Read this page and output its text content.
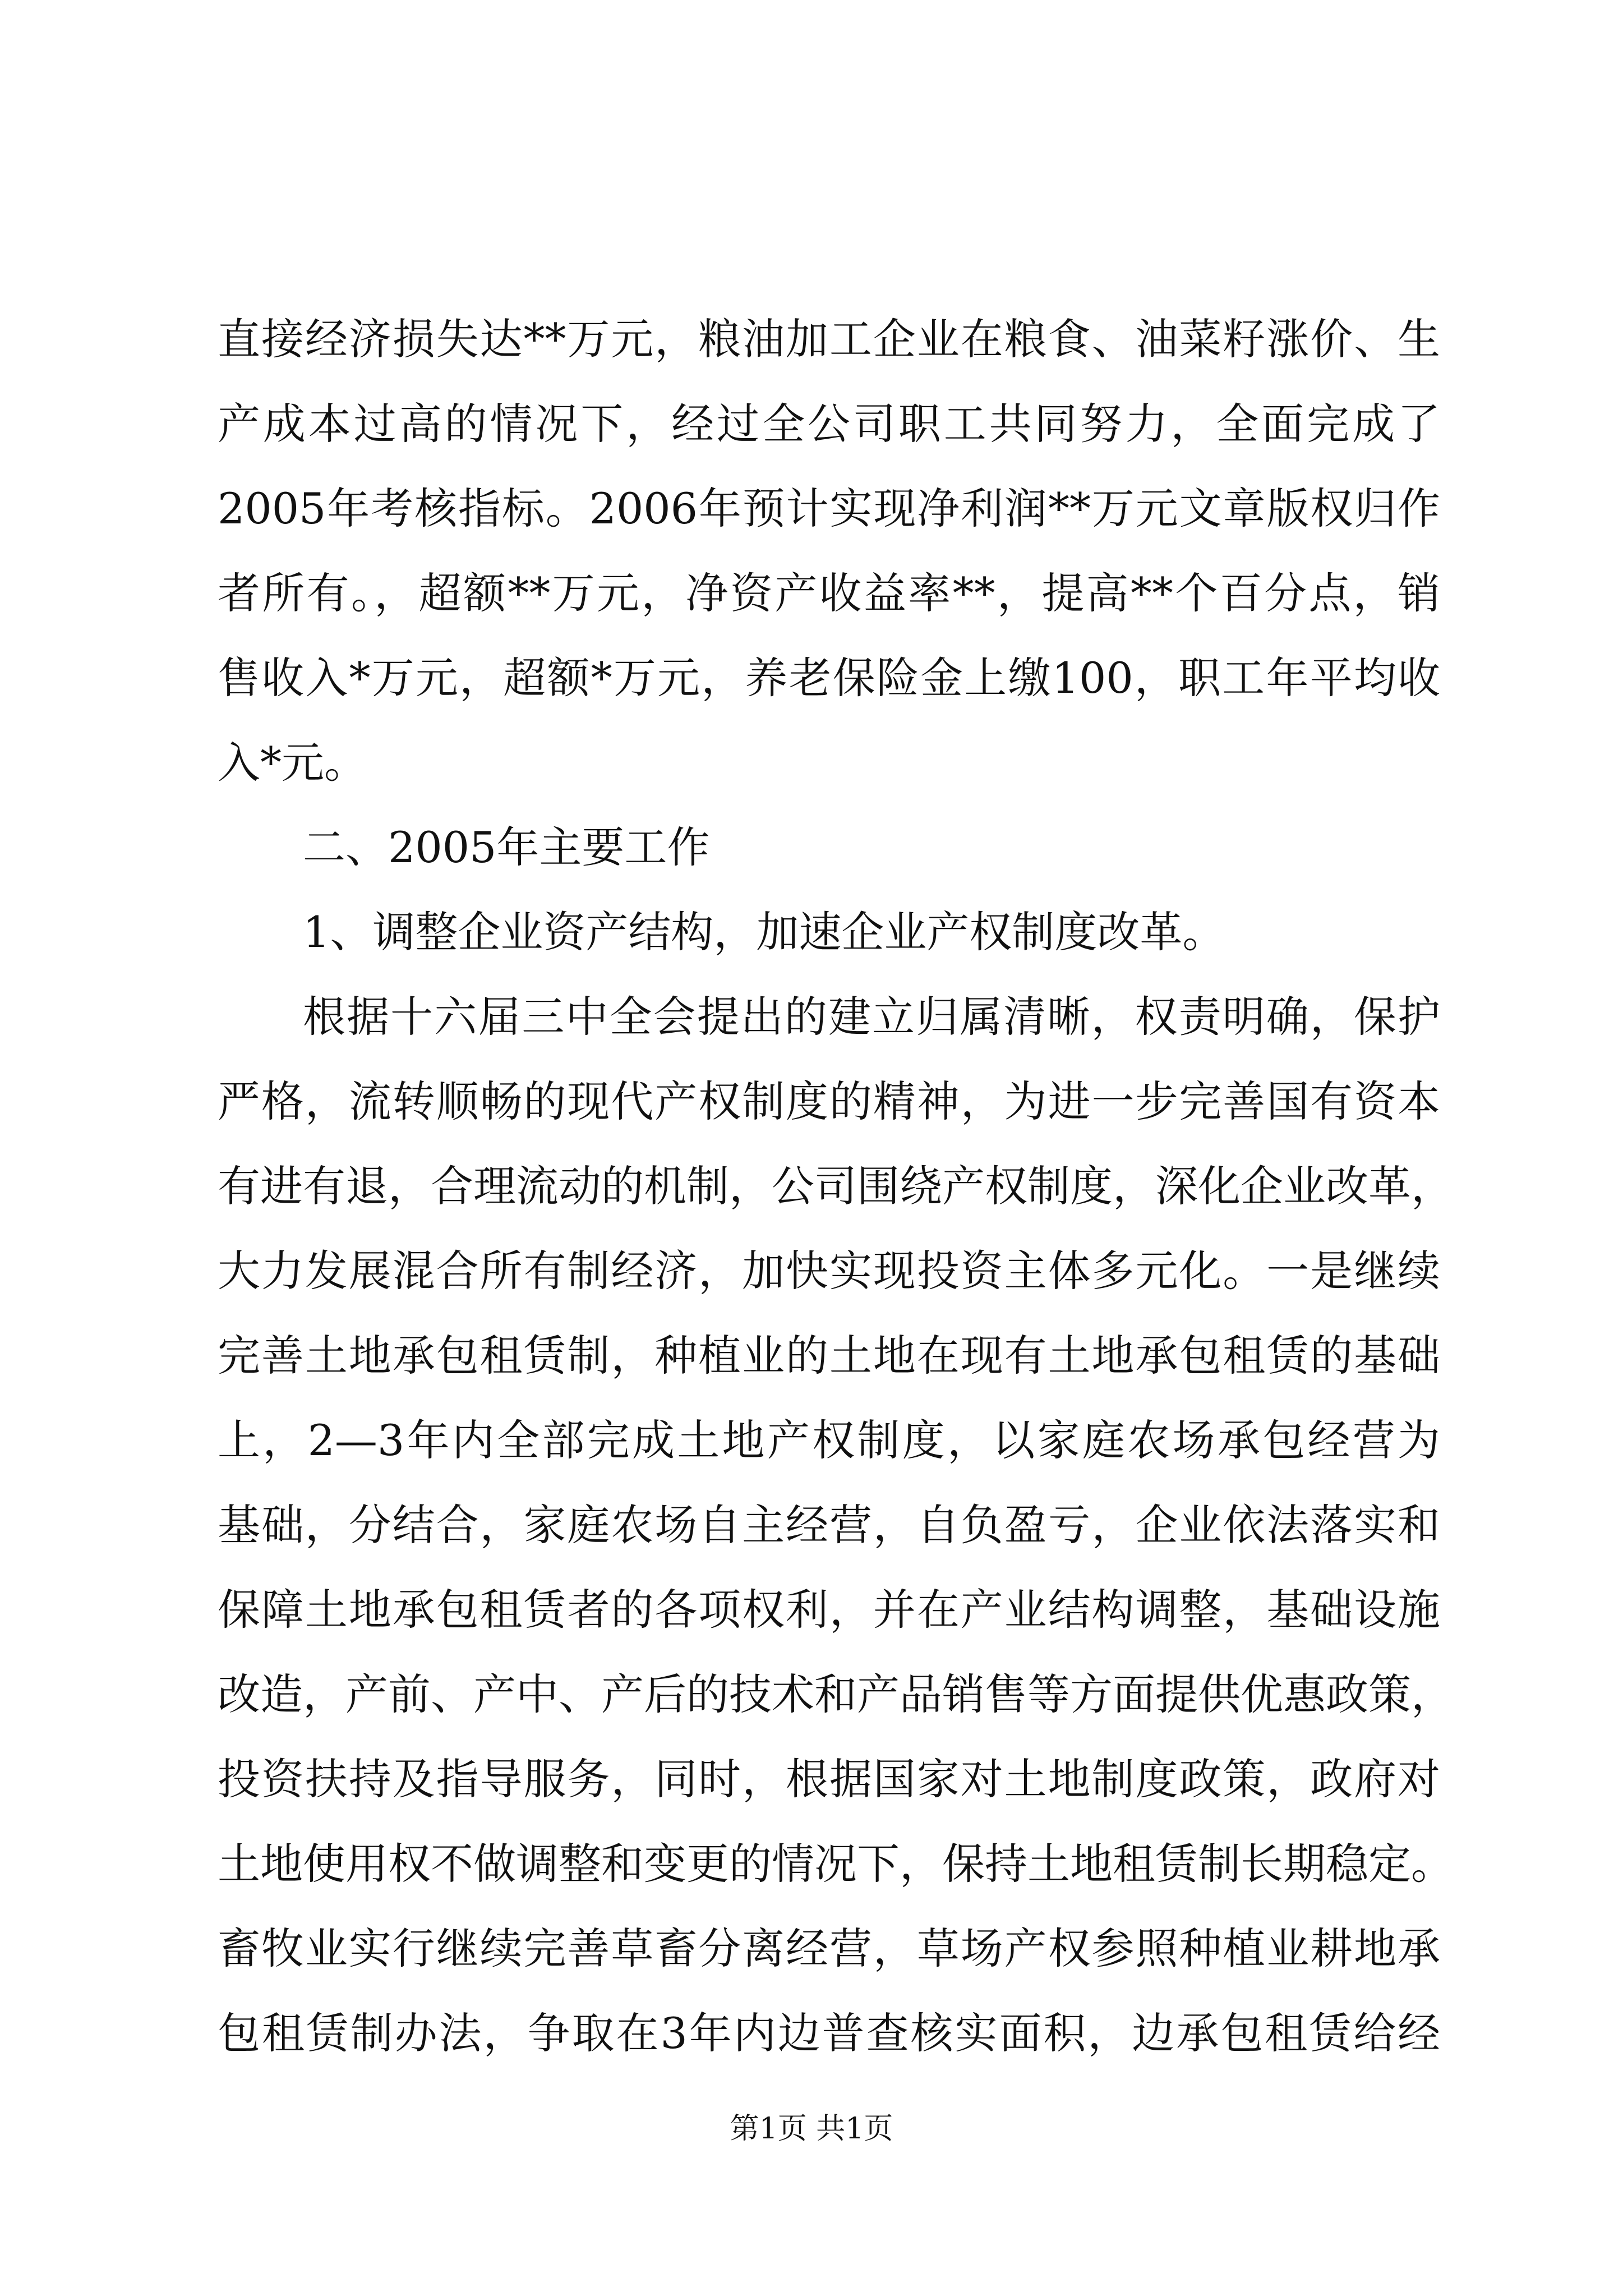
直接经济损失达**万元，粮油加工企业在粮食、油菜籽涨价、生
产成本过高的情况下，经过全公司职工共同努力，全面完成了
2005年考核指标。2006年预计实现净利润**万元文章版权归作
者所有。，超额**万元，净资产收益率**，提高**个百分点，销
售收入*万元，超额*万元，养老保险金上缴100，职工年平均收
入*元。
二、2005年主要工作
1、调整企业资产结构，加速企业产权制度改革。
根据十六届三中全会提出的建立归属清晰，权责明确，保护
严格，流转顺畅的现代产权制度的精神，为进一步完善国有资本
有进有退，合理流动的机制，公司围绕产权制度，深化企业改革，
大力发展混合所有制经济，加快实现投资主体多元化。一是继续
完善土地承包租赁制，种植业的土地在现有土地承包租赁的基础
上，2—3年内全部完成土地产权制度，以家庭农场承包经营为
基础，分结合，家庭农场自主经营，自负盈亏，企业依法落实和
保障土地承包租赁者的各项权利，并在产业结构调整，基础设施
改造，产前、产中、产后的技术和产品销售等方面提供优惠政策，
投资扶持及指导服务，同时，根据国家对土地制度政策，政府对
土地使用权不做调整和变更的情况下，保持土地租赁制长期稳定。
畜牧业实行继续完善草畜分离经营，草场产权参照种植业耕地承
包租赁制办法，争取在3年内边普查核实面积，边承包租赁给经
第1页 共1页
